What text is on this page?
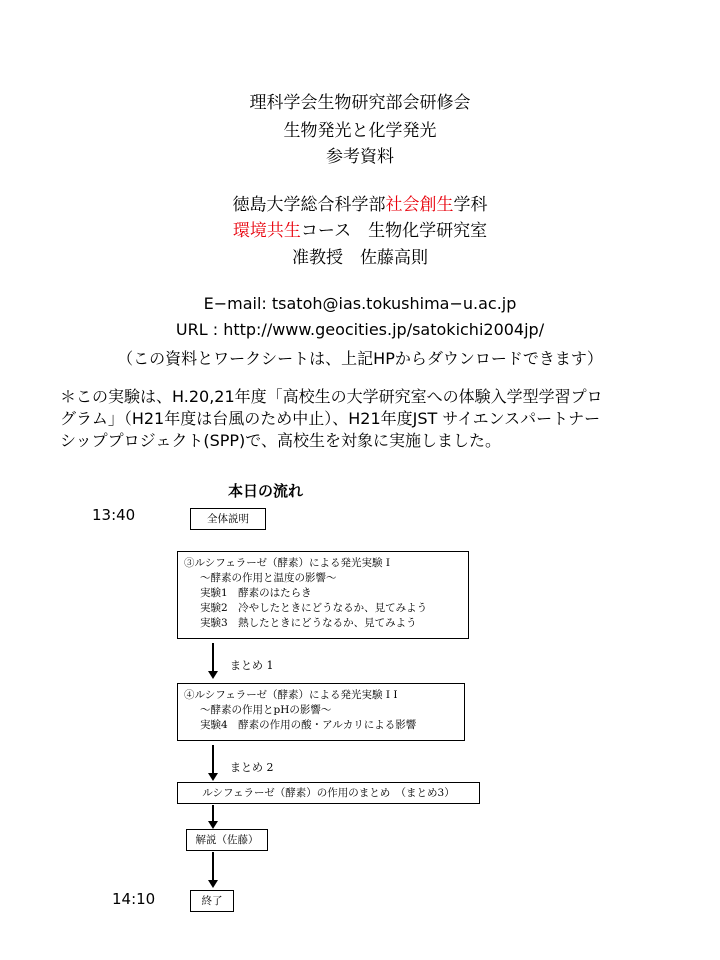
理科学会生物研究部会研修会
生物発光と化学発光
参考資料
徳島大学総合科学部社会創生学科
環境共生コース　生物化学研究室
准教授　佐藤高則
E−mail: tsatoh@ias.tokushima−u.ac.jp
URL : http://www.geocities.jp/satokichi2004jp/
（この資料とワークシートは、上記HPからダウンロードできます）
＊この実験は、H.20,21年度「高校生の大学研究室への体験入学型学習プロ
グラム」（H21年度は台風のため中止）、H21年度JST サイエンスパートナー
シッププロジェクト(SPP)で、高校生を対象に実施しました。
本日の流れ
13:40	全体説明
③ルシフェラーゼ（酵素）による発光実験 I
～酵素の作用と温度の影響～
実験1　酵素のはたらき
実験2　冷やしたときにどうなるか、見てみよう
実験3　熱したときにどうなるか、見てみよう
まとめ 1
④ルシフェラーゼ（酵素）による発光実験 I I
～酵素の作用とpHの影響～
実験4　酵素の作用の酸・アルカリによる影響
まとめ 2
ルシフェラーゼ（酵素）の作用のまとめ　（まとめ3）
解説（佐藤）
14:10	終了
